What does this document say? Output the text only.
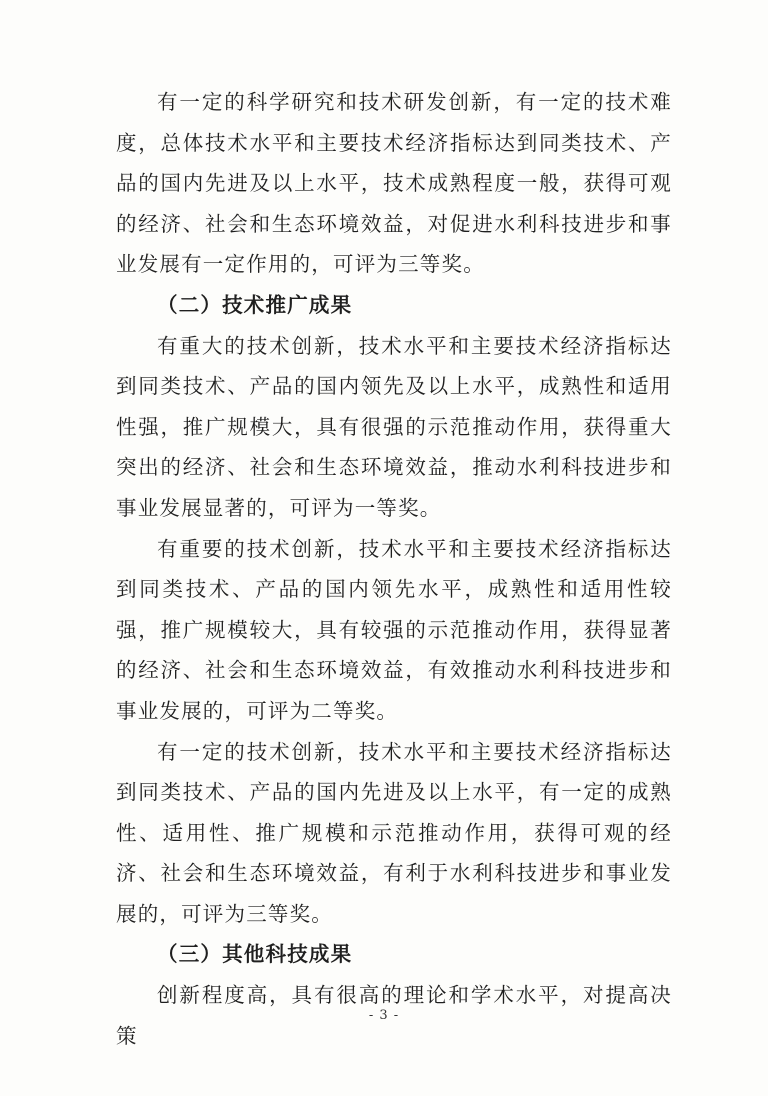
有一定的科学研究和技术研发创新，有一定的技术难度，总体技术水平和主要技术经济指标达到同类技术、产品的国内先进及以上水平，技术成熟程度一般，获得可观的经济、社会和生态环境效益，对促进水利科技进步和事业发展有一定作用的，可评为三等奖。

（二）技术推广成果

有重大的技术创新，技术水平和主要技术经济指标达到同类技术、产品的国内领先及以上水平，成熟性和适用性强，推广规模大，具有很强的示范推动作用，获得重大突出的经济、社会和生态环境效益，推动水利科技进步和事业发展显著的，可评为一等奖。

有重要的技术创新，技术水平和主要技术经济指标达到同类技术、产品的国内领先水平，成熟性和适用性较强，推广规模较大，具有较强的示范推动作用，获得显著的经济、社会和生态环境效益，有效推动水利科技进步和事业发展的，可评为二等奖。

有一定的技术创新，技术水平和主要技术经济指标达到同类技术、产品的国内先进及以上水平，有一定的成熟性、适用性、推广规模和示范推动作用，获得可观的经济、社会和生态环境效益，有利于水利科技进步和事业发展的，可评为三等奖。

（三）其他科技成果

创新程度高，具有很高的理论和学术水平，对提高决策

- 3 -
